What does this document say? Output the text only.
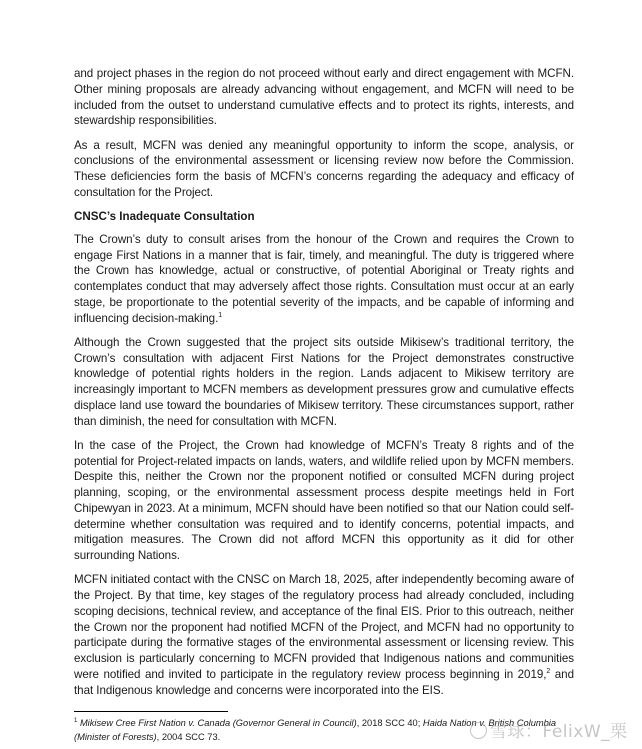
and project phases in the region do not proceed without early and direct engagement with MCFN. Other mining proposals are already advancing without engagement, and MCFN will need to be included from the outset to understand cumulative effects and to protect its rights, interests, and stewardship responsibilities.

As a result, MCFN was denied any meaningful opportunity to inform the scope, analysis, or conclusions of the environmental assessment or licensing review now before the Commission. These deficiencies form the basis of MCFN’s concerns regarding the adequacy and efficacy of consultation for the Project.

CNSC’s Inadequate Consultation

The Crown’s duty to consult arises from the honour of the Crown and requires the Crown to engage First Nations in a manner that is fair, timely, and meaningful. The duty is triggered where the Crown has knowledge, actual or constructive, of potential Aboriginal or Treaty rights and contemplates conduct that may adversely affect those rights. Consultation must occur at an early stage, be proportionate to the potential severity of the impacts, and be capable of informing and influencing decision-making.$^1$

Although the Crown suggested that the project sits outside Mikisew’s traditional territory, the Crown’s consultation with adjacent First Nations for the Project demonstrates constructive knowledge of potential rights holders in the region. Lands adjacent to Mikisew territory are increasingly important to MCFN members as development pressures grow and cumulative effects displace land use toward the boundaries of Mikisew territory. These circumstances support, rather than diminish, the need for consultation with MCFN.

In the case of the Project, the Crown had knowledge of MCFN’s Treaty 8 rights and of the potential for Project-related impacts on lands, waters, and wildlife relied upon by MCFN members. Despite this, neither the Crown nor the proponent notified or consulted MCFN during project planning, scoping, or the environmental assessment process despite meetings held in Fort Chipewyan in 2023. At a minimum, MCFN should have been notified so that our Nation could self-determine whether consultation was required and to identify concerns, potential impacts, and mitigation measures. The Crown did not afford MCFN this opportunity as it did for other surrounding Nations.

MCFN initiated contact with the CNSC on March 18, 2025, after independently becoming aware of the Project. By that time, key stages of the regulatory process had already concluded, including scoping decisions, technical review, and acceptance of the final EIS. Prior to this outreach, neither the Crown nor the proponent had notified MCFN of the Project, and MCFN had no opportunity to participate during the formative stages of the environmental assessment or licensing review. This exclusion is particularly concerning to MCFN provided that Indigenous nations and communities were notified and invited to participate in the regulatory review process beginning in 2019,$^2$ and that Indigenous knowledge and concerns were incorporated into the EIS.

$^1$ Mikisew Cree First Nation v. Canada (Governor General in Council), 2018 SCC 40; Haida Nation v. British Columbia (Minister of Forests), 2004 SCC 73.	雪球：FelixW_栗
